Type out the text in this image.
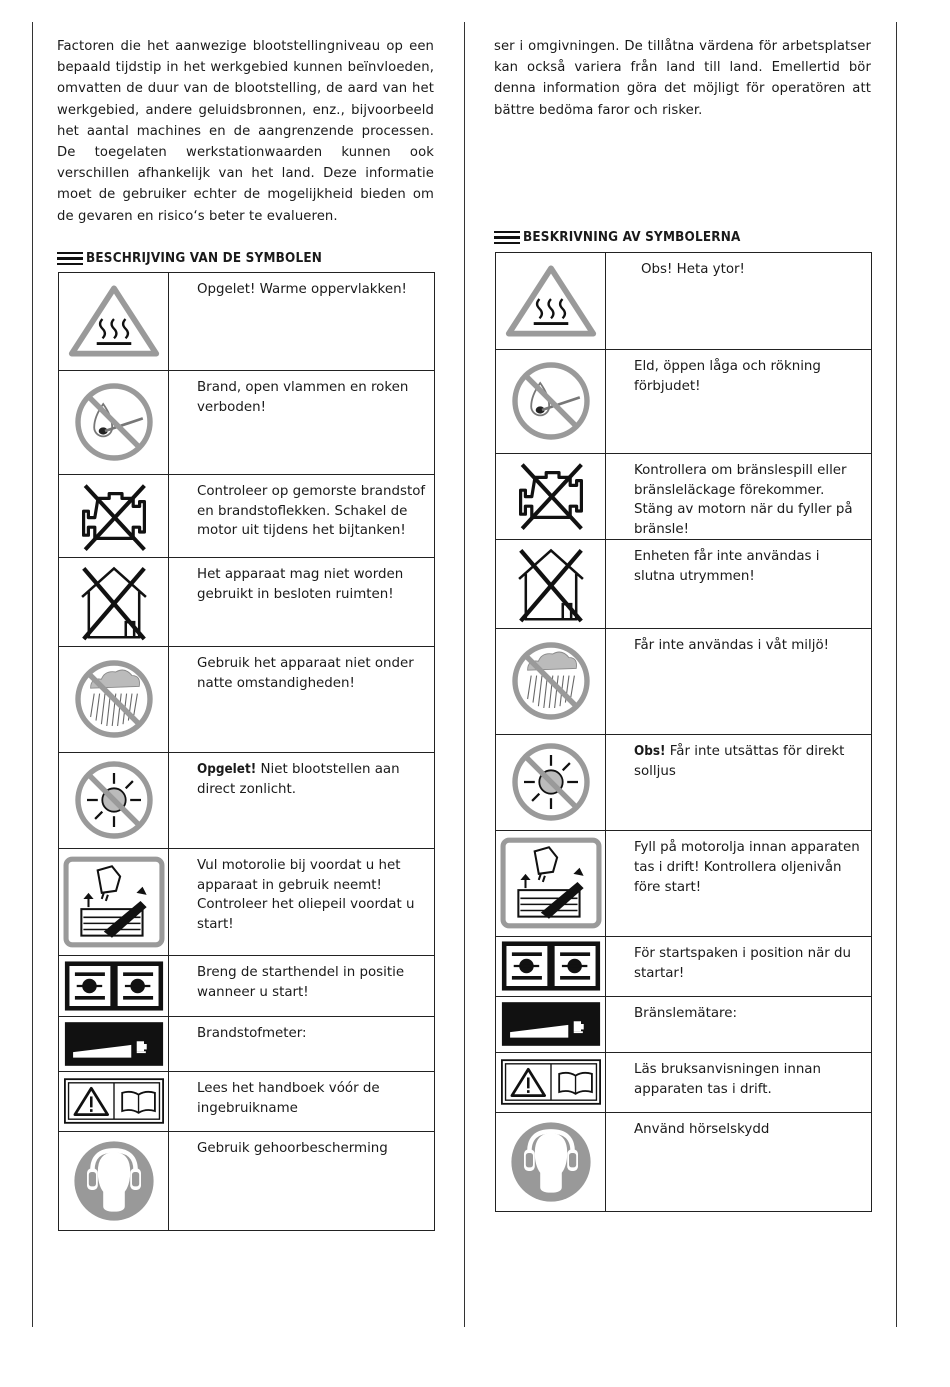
Factoren die het aanwezige blootstellingniveau op een bepaald tijdstip in het werkgebied kunnen beïnvloeden, omvatten de duur van de blootstelling, de aard van het werkgebied, andere geluidsbronnen, enz., bijvoorbeeld het aantal machines en de aangrenzende processen. De toegelaten werkstationwaarden kunnen ook verschillen afhankelijk van het land. Deze informatie moet de gebruiker echter de mogelijkheid bieden om de gevaren en risico‘s beter te evalueren.

BESCHRIJVING VAN DE SYMBOLEN
	Opgelet! Warme oppervlakken!

	Brand, open vlammen en roken verboden!

	Controleer op gemorste brandstof en brandstoflekken. Schakel de motor uit tijdens het bijtanken!

	Het apparaat mag niet worden gebruikt in besloten ruimten!

	Gebruik het apparaat niet onder natte omstandigheden!

	Opgelet! Niet blootstellen aan direct zonlicht.

	Vul motorolie bij voordat u het apparaat in gebruik neemt! Controleer het oliepeil voordat u start!

	Breng de starthendel in positie wanneer u start!

	Brandstofmeter:

	Lees het handboek vóór de ingebruikname

	Gebruik gehoorbescherming

ser i omgivningen. De tillåtna värdena för arbetsplatser kan också variera från land till land. Emellertid bör denna information göra det möjligt för operatören att bättre bedöma faror och risker.

BESKRIVNING AV SYMBOLERNA
	Obs! Heta ytor!

	Eld, öppen låga och rökning förbjudet!

	Kontrollera om bränslespill eller bränsleläckage förekommer. Stäng av motorn när du fyller på bränsle!

	Enheten får inte användas i slutna utrymmen!

	Får inte användas i våt miljö!

	Obs! Får inte utsättas för direkt solljus

	Fyll på motorolja innan apparaten tas i drift! Kontrollera oljenivån före start!

	För startspaken i position när du startar!

	Bränslemätare:

	Läs bruksanvisningen innan apparaten tas i drift.

	Använd hörselskydd
